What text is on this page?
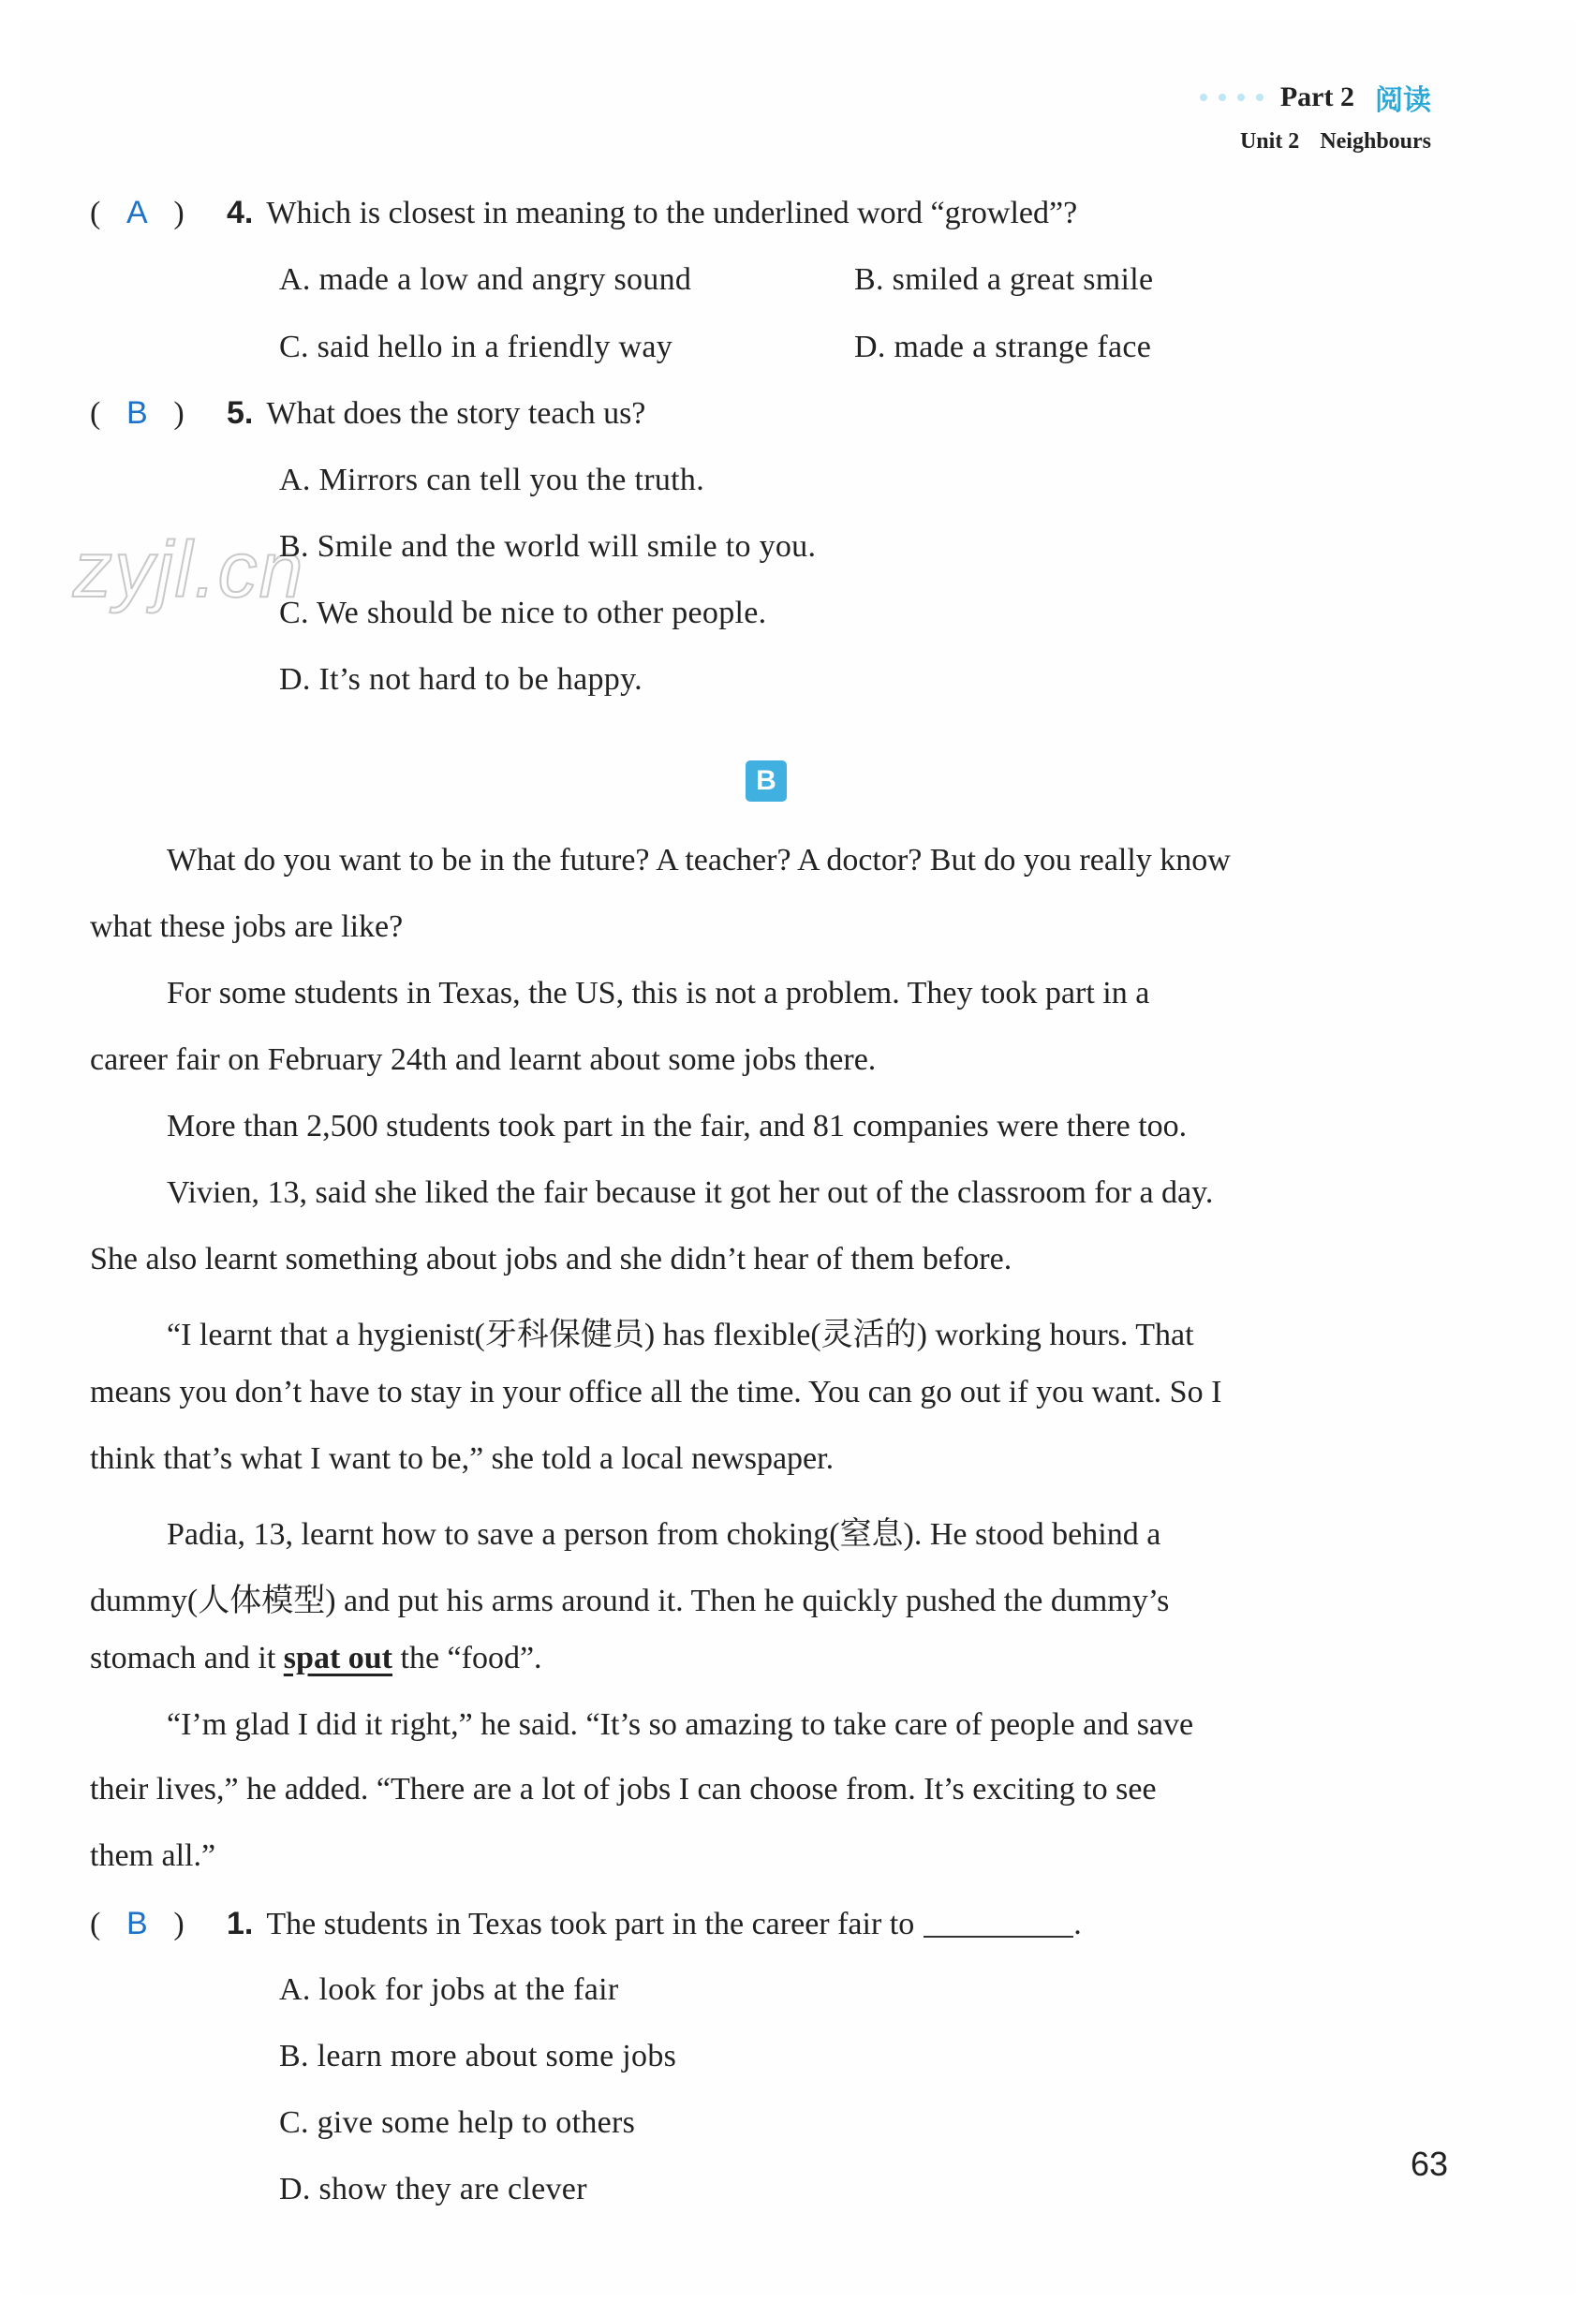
Part 2 阅读
Unit 2 Neighbours
zyjl.cn
( A ) 4. Which is closest in meaning to the underlined word “growled”?
A. made a low and angry sound	B. smiled a great smile
C. said hello in a friendly way	D. made a strange face
( B ) 5. What does the story teach us?
A. Mirrors can tell you the truth.
B. Smile and the world will smile to you.
C. We should be nice to other people.
D. It’s not hard to be happy.
B
What do you want to be in the future? A teacher? A doctor? But do you really know
what these jobs are like?
For some students in Texas, the US, this is not a problem. They took part in a
career fair on February 24th and learnt about some jobs there.
More than 2,500 students took part in the fair, and 81 companies were there too.
Vivien, 13, said she liked the fair because it got her out of the classroom for a day.
She also learnt something about jobs and she didn’t hear of them before.
“I learnt that a hygienist(牙科保健员) has flexible(灵活的) working hours. That
means you don’t have to stay in your office all the time. You can go out if you want. So I
think that’s what I want to be,” she told a local newspaper.
Padia, 13, learnt how to save a person from choking(窒息). He stood behind a
dummy(人体模型) and put his arms around it. Then he quickly pushed the dummy’s
stomach and it spat out the “food”.
“I’m glad I did it right,” he said. “It’s so amazing to take care of people and save
their lives,” he added. “There are a lot of jobs I can choose from. It’s exciting to see
them all.”
( B ) 1. The students in Texas took part in the career fair to	.
A. look for jobs at the fair
B. learn more about some jobs
C. give some help to others
D. show they are clever
63
